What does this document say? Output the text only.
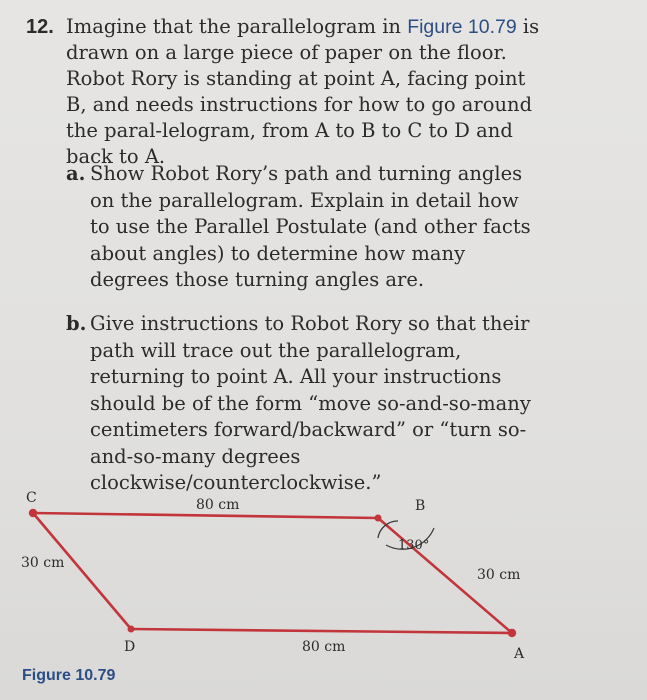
12. Imagine that the parallelogram in Figure 10.79 is drawn on a large piece of paper on the floor. Robot Rory is standing at point A, facing point B, and needs instructions for how to go around the paral-lelogram, from A to B to C to D and back to A.
a. Show Robot Rory’s path and turning angles on the parallelogram. Explain in detail how to use the Parallel Postulate (and other facts about angles) to determine how many degrees those turning angles are.
b. Give instructions to Robot Rory so that their path will trace out the parallelogram, returning to point A. All your instructions should be of the form “move so-and-so-many centimeters forward/backward” or “turn so-and-so-many degrees clockwise/counterclockwise.”
C	B
A
D
80 cm
80 cm
30 cm
30 cm
130°
Figure 10.79
